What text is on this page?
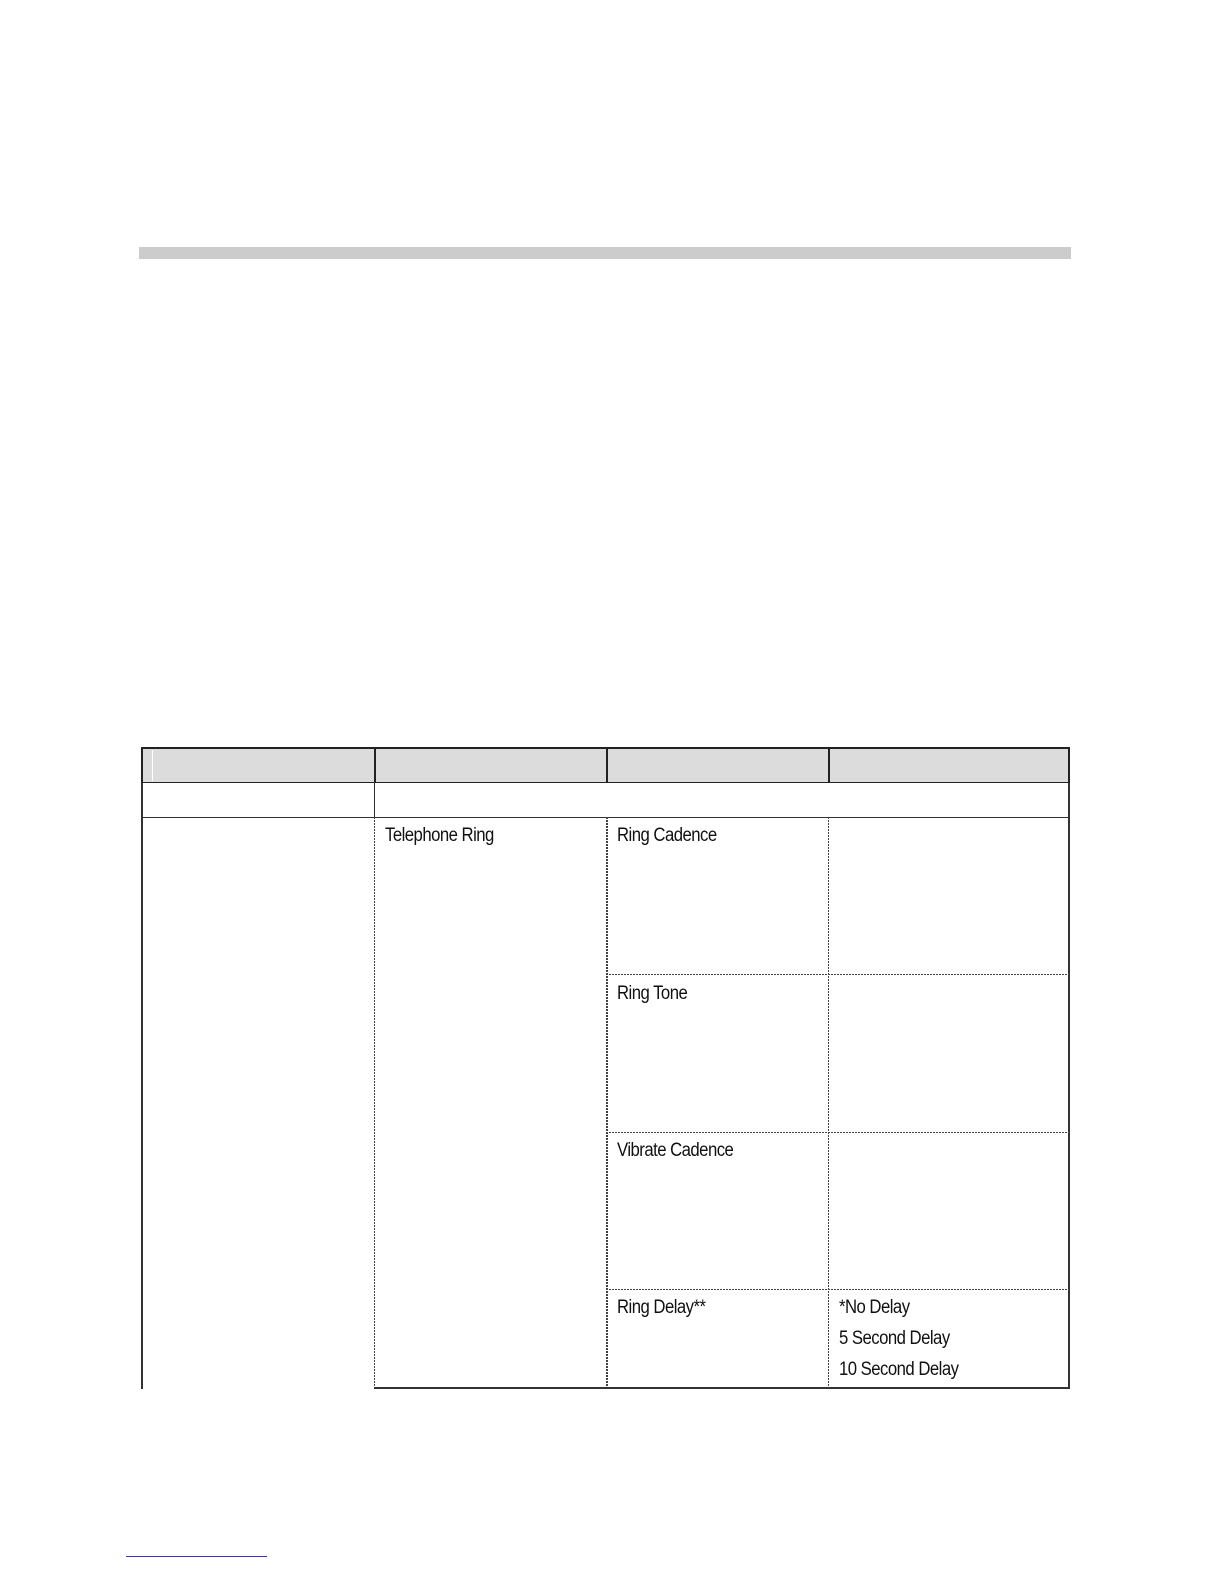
Telephone Ring	Ring Cadence
Ring Tone
Vibrate Cadence
Ring Delay**	*No Delay
5 Second Delay
10 Second Delay
